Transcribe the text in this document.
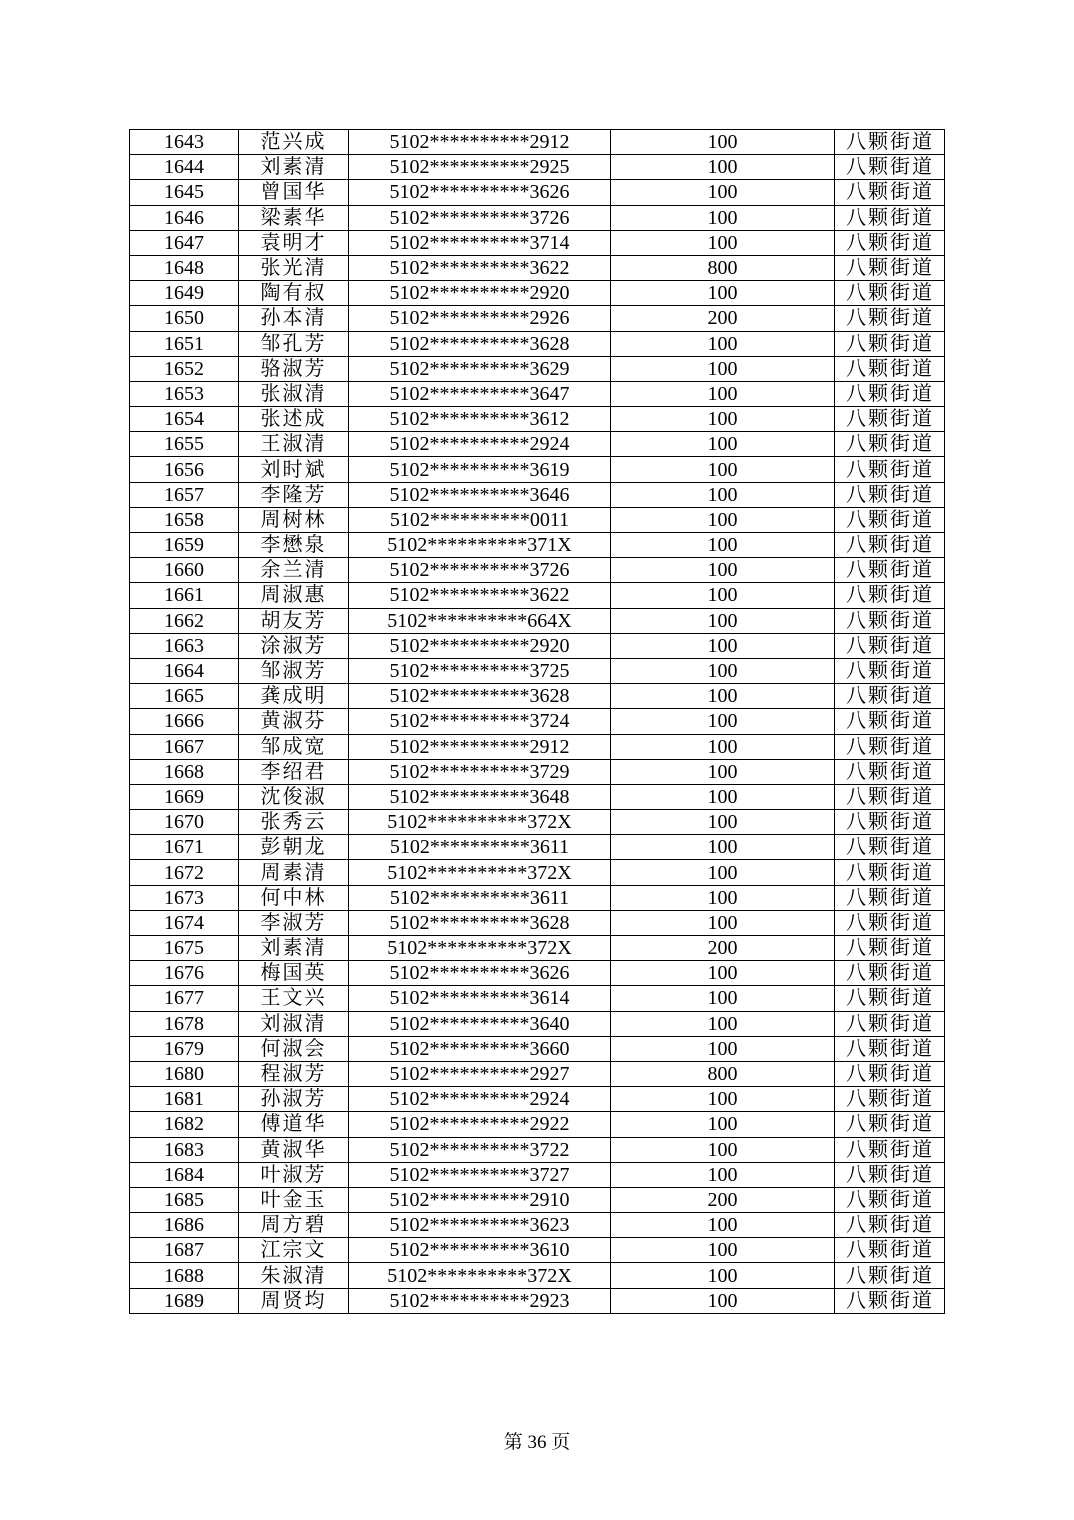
1643	范兴成	5102**********2912	100	八颗街道
1644	刘素清	5102**********2925	100	八颗街道
1645	曾国华	5102**********3626	100	八颗街道
1646	梁素华	5102**********3726	100	八颗街道
1647	袁明才	5102**********3714	100	八颗街道
1648	张光清	5102**********3622	800	八颗街道
1649	陶有叔	5102**********2920	100	八颗街道
1650	孙本清	5102**********2926	200	八颗街道
1651	邹孔芳	5102**********3628	100	八颗街道
1652	骆淑芳	5102**********3629	100	八颗街道
1653	张淑清	5102**********3647	100	八颗街道
1654	张述成	5102**********3612	100	八颗街道
1655	王淑清	5102**********2924	100	八颗街道
1656	刘时斌	5102**********3619	100	八颗街道
1657	李隆芳	5102**********3646	100	八颗街道
1658	周树林	5102**********0011	100	八颗街道
1659	李懋泉	5102**********371X	100	八颗街道
1660	余兰清	5102**********3726	100	八颗街道
1661	周淑惠	5102**********3622	100	八颗街道
1662	胡友芳	5102**********664X	100	八颗街道
1663	涂淑芳	5102**********2920	100	八颗街道
1664	邹淑芳	5102**********3725	100	八颗街道
1665	龚成明	5102**********3628	100	八颗街道
1666	黄淑芬	5102**********3724	100	八颗街道
1667	邹成宽	5102**********2912	100	八颗街道
1668	李绍君	5102**********3729	100	八颗街道
1669	沈俊淑	5102**********3648	100	八颗街道
1670	张秀云	5102**********372X	100	八颗街道
1671	彭朝龙	5102**********3611	100	八颗街道
1672	周素清	5102**********372X	100	八颗街道
1673	何中林	5102**********3611	100	八颗街道
1674	李淑芳	5102**********3628	100	八颗街道
1675	刘素清	5102**********372X	200	八颗街道
1676	梅国英	5102**********3626	100	八颗街道
1677	王文兴	5102**********3614	100	八颗街道
1678	刘淑清	5102**********3640	100	八颗街道
1679	何淑会	5102**********3660	100	八颗街道
1680	程淑芳	5102**********2927	800	八颗街道
1681	孙淑芳	5102**********2924	100	八颗街道
1682	傅道华	5102**********2922	100	八颗街道
1683	黄淑华	5102**********3722	100	八颗街道
1684	叶淑芳	5102**********3727	100	八颗街道
1685	叶金玉	5102**********2910	200	八颗街道
1686	周方碧	5102**********3623	100	八颗街道
1687	江宗文	5102**********3610	100	八颗街道
1688	朱淑清	5102**********372X	100	八颗街道
1689	周贤均	5102**********2923	100	八颗街道
第 36 页
